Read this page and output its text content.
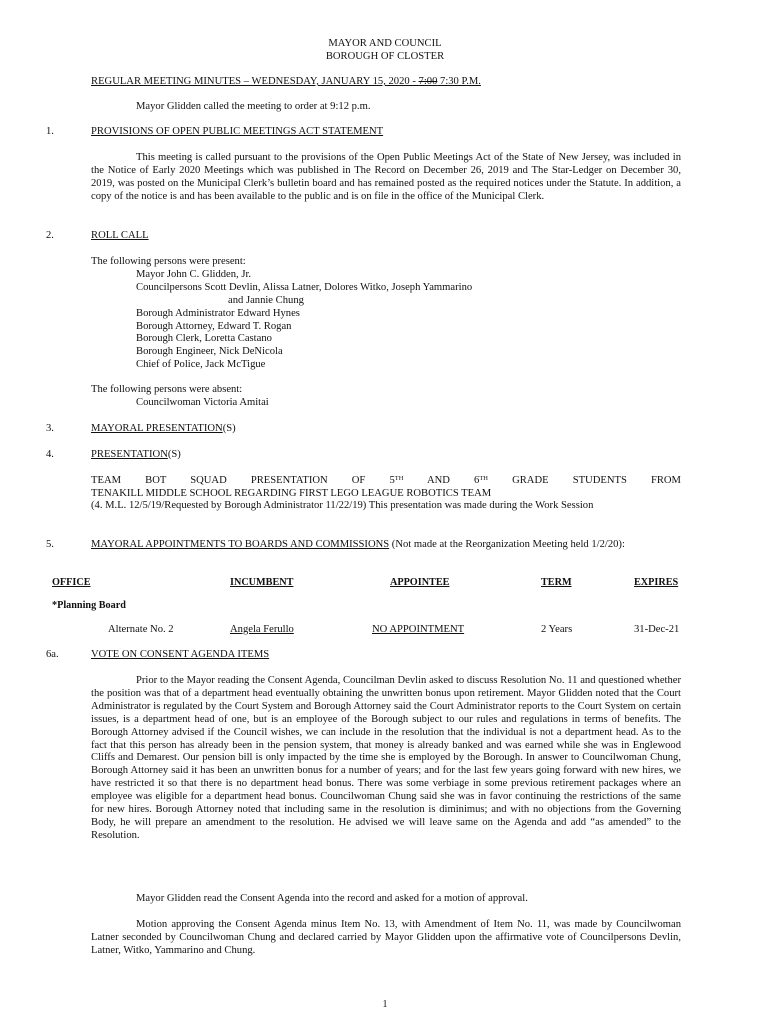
MAYOR AND COUNCIL
BOROUGH OF CLOSTER
REGULAR MEETING MINUTES – WEDNESDAY, JANUARY 15, 2020 - 7:00 7:30 P.M.
Mayor Glidden called the meeting to order at 9:12 p.m.
1.	PROVISIONS OF OPEN PUBLIC MEETINGS ACT STATEMENT
This meeting is called pursuant to the provisions of the Open Public Meetings Act of the State of New Jersey, was included in the Notice of Early 2020 Meetings which was published in The Record on December 26, 2019 and The Star-Ledger on December 30, 2019, was posted on the Municipal Clerk’s bulletin board and has remained posted as the required notices under the Statute. In addition, a copy of the notice is and has been available to the public and is on file in the office of the Municipal Clerk.
2.	ROLL CALL
The following persons were present:
Mayor John C. Glidden, Jr.
Councilpersons Scott Devlin, Alissa Latner, Dolores Witko, Joseph Yammarino
and Jannie Chung
Borough Administrator Edward Hynes
Borough Attorney, Edward T. Rogan
Borough Clerk, Loretta Castano
Borough Engineer, Nick DeNicola
Chief of Police, Jack McTigue
The following persons were absent:
Councilwoman Victoria Amitai
3.	MAYORAL PRESENTATION(S)
4.	PRESENTATION(S)
TEAM BOT SQUAD PRESENTATION OF 5TH AND 6TH GRADE STUDENTS FROM
TENAKILL MIDDLE SCHOOL REGARDING FIRST LEGO LEAGUE ROBOTICS TEAM
(4. M.L. 12/5/19/Requested by Borough Administrator 11/22/19) This presentation was made during the Work Session
5.	MAYORAL APPOINTMENTS TO BOARDS AND COMMISSIONS (Not made at the Reorganization Meeting held 1/2/20):
OFFICE	INCUMBENT	APPOINTEE	TERM	EXPIRES
*Planning Board
Alternate No. 2	Angela Ferullo	NO APPOINTMENT	2 Years	31-Dec-21
6a.	VOTE ON CONSENT AGENDA ITEMS
Prior to the Mayor reading the Consent Agenda, Councilman Devlin asked to discuss Resolution No. 11 and questioned whether the position was that of a department head eventually obtaining the unwritten bonus upon retirement. Mayor Glidden noted that the Court Administrator is regulated by the Court System and Borough Attorney said the Court Administrator reports to the Court System on certain issues, is a department head of one, but is an employee of the Borough subject to our rules and regulations in terms of benefits. The Borough Attorney advised if the Council wishes, we can include in the resolution that the individual is not a department head. As to the fact that this person has already been in the pension system, that money is already banked and was earned while she was in Englewood Cliffs and Demarest. Our pension bill is only impacted by the time she is employed by the Borough. In answer to Councilwoman Chung, Borough Attorney said it has been an unwritten bonus for a number of years; and for the last few years going forward with new hires, we have restricted it so that there is no department head bonus. There was some verbiage in some previous retirement packages where an employee was eligible for a department head bonus. Councilwoman Chung said she was in favor continuing the restrictions of the same for new hires. Borough Attorney noted that including same in the resolution is diminimus; and with no objections from the Governing Body, he will prepare an amendment to the resolution. He advised we will leave same on the Agenda and add “as amended” to the Resolution.
Mayor Glidden read the Consent Agenda into the record and asked for a motion of approval.
Motion approving the Consent Agenda minus Item No. 13, with Amendment of Item No. 11, was made by Councilwoman Latner seconded by Councilwoman Chung and declared carried by Mayor Glidden upon the affirmative vote of Councilpersons Devlin, Latner, Witko, Yammarino and Chung.
1
